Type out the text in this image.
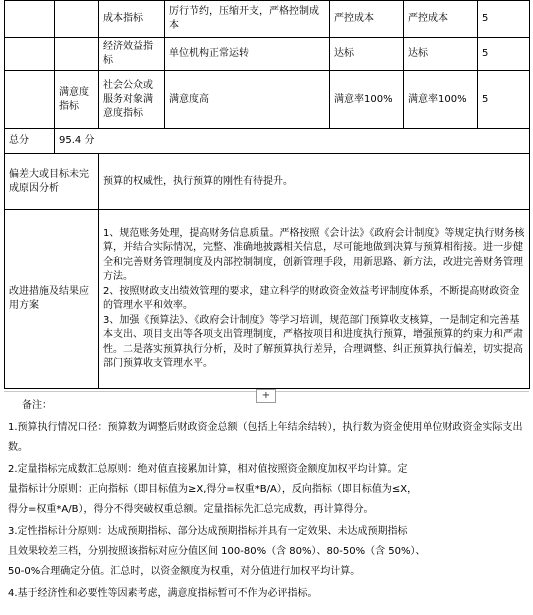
		成本指标	厉行节约，压缩开支，严格控制成本	严控成本	严控成本	5
		经济效益指标	单位机构正常运转	达标	达标	5
	满意度指标	社会公众或服务对象满意度指标	满意度高	满意率100%	满意率100%	5
总分	95.4 分					
偏差大或目标未完成原因分析		预算的权威性，执行预算的刚性有待提升。				
改进措施及结果应用方案		1、规范账务处理，提高财务信息质量。严格按照《会计法》《政府会计制度》等规定执行财务核算，并结合实际情况，完整、准确地披露相关信息，尽可能地做到决算与预算相衔接。进一步健全和完善财务管理制度及内部控制制度，创新管理手段，用新思路、新方法，改进完善财务管理方法。
2、按照财政支出绩效管理的要求，建立科学的财政资金效益考评制度体系，不断提高财政资金的管理水平和效率。
3、加强《预算法》、《政府会计制度》等学习培训，规范部门预算收支核算，一是制定和完善基本支出、项目支出等各项支出管理制度，严格按项目和进度执行预算，增强预算的约束力和严肃性。二是落实预算执行分析，及时了解预算执行差异，合理调整、纠正预算执行偏差，切实提高部门预算收支管理水平。				
+

备注：

1.预算执行情况口径：预算数为调整后财政资金总额（包括上年结余结转），执行数为资金使用单位财政资金实际支出数。

2.定量指标完成数汇总原则：绝对值直接累加计算，相对值按照资金额度加权平均计算。定

量指标计分原则：正向指标（即目标值为≥X,得分=权重*B/A），反向指标（即目标值为≤X，

得分=权重*A/B），得分不得突破权重总额。定量指标先汇总完成数，再计算得分。

3.定性指标计分原则：达成预期指标、部分达成预期指标并具有一定效果、未达成预期指标

且效果较差三档，分别按照该指标对应分值区间 100-80%（含 80%）、80-50%（含 50%）、

50-0%合理确定分值。汇总时，以资金额度为权重，对分值进行加权平均计算。

4.基于经济性和必要性等因素考虑，满意度指标暂可不作为必评指标。
